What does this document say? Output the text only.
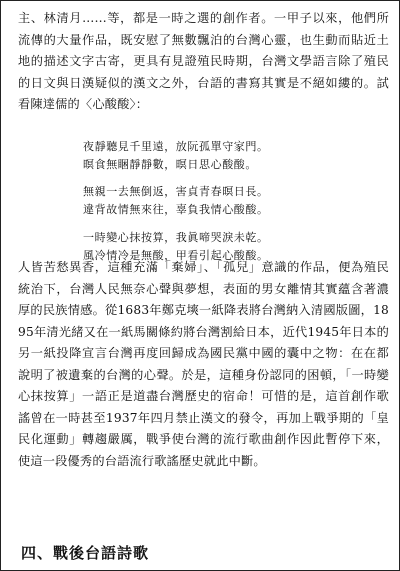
主、林清月……等，都是一時之選的創作者。一甲子以來，他們所流傳的大量作品，既安慰了無數飄泊的台灣心靈，也生動而貼近土地的描述文字古寄，更具有見證殖民時期，台灣文學語言除了殖民的日文與日漢疑似的漢文之外，台語的書寫其實是不絕如縷的。試看陳達儒的〈心酸酸〉：
夜靜聽見千里遠，放阮孤單守家門。
暝食無睏靜靜數，暝日思心酸酸。
無親一去無倒返，害貞青春暝日長。
違背故情無來往，辜負我情心酸酸。
一時變心抹按算，我眞啼哭淚未乾。
風冷情冷是無酸，甲看引起心酸酸。
人皆苦愁異香，這種充滿「棄婦」、「孤兒」意識的作品，便為殖民統治下，台灣人民無奈心聲與夢想，表面的男女離情其實蘊含著濃厚的民族情感。從1683年鄭克塽一紙降表將台灣納入清國版圖，1895年清光緒又在一紙馬關條約將台灣割給日本，近代1945年日本的另一紙投降宣言台灣再度回歸成為國民黨中國的囊中之物：在在都說明了被遺棄的台灣的心聲。於是，這種身份認同的困頓，「一時變心抹按算」一語正是道盡台灣歷史的宿命！可惜的是，這首創作歌謠曾在一時甚至1937年四月禁止漢文的發令，再加上戰爭期的「皇民化運動」轉趨嚴厲，戰爭使台灣的流行歌曲創作因此暫停下來，使這一段優秀的台語流行歌謠歷史就此中斷。
四、戰後台語詩歌
